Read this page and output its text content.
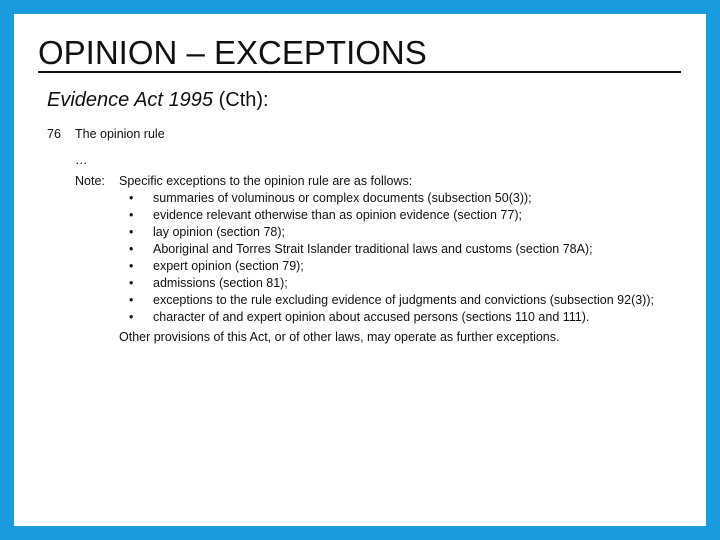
OPINION – EXCEPTIONS
Evidence Act 1995 (Cth):
76 The opinion rule
…
Note: Specific exceptions to the opinion rule are as follows:
• summaries of voluminous or complex documents (subsection 50(3));
• evidence relevant otherwise than as opinion evidence (section 77);
• lay opinion (section 78);
• Aboriginal and Torres Strait Islander traditional laws and customs (section 78A);
• expert opinion (section 79);
• admissions (section 81);
• exceptions to the rule excluding evidence of judgments and convictions (subsection 92(3));
• character of and expert opinion about accused persons (sections 110 and 111).
Other provisions of this Act, or of other laws, may operate as further exceptions.
